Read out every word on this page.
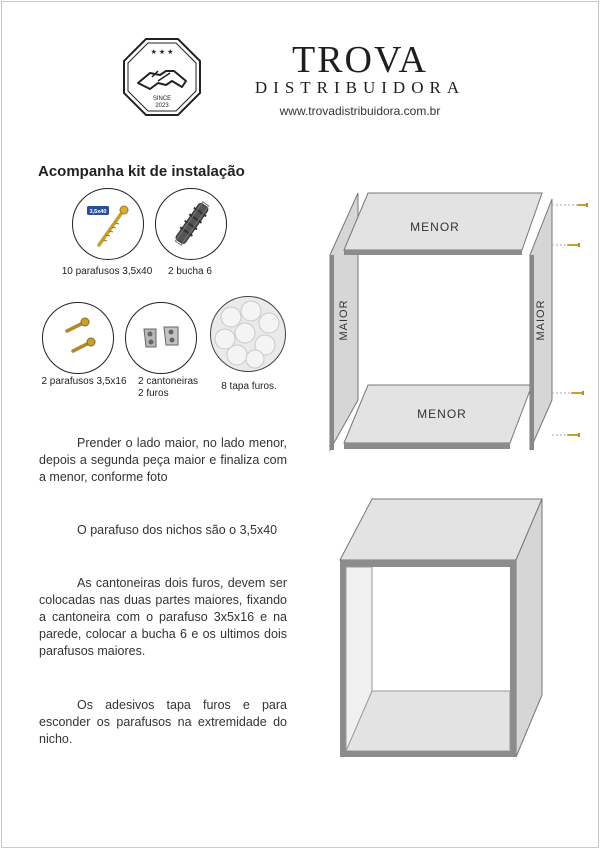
★ ★ ★
SINCE
2023
TROVA
DISTRIBUIDORA
www.trovadistribuidora.com.br
Acompanha kit de instalação
3,5x40
10 parafusos 3,5x40	2 bucha 6
2 parafusos 3,5x16	2 cantoneiras
2 furos
8 tapa furos.
Prender o lado maior, no lado menor, depois a segunda peça maior e finaliza com a menor, conforme foto
O parafuso dos nichos são o 3,5x40
As cantoneiras dois furos, devem ser colocadas nas duas partes maiores, fixando a cantoneira com o parafuso 3x5x16 e na parede, colocar a bucha 6 e os ultimos dois parafusos maiores.
Os adesivos tapa furos e para esconder os parafusos na extremidade do nicho.
MAIOR
MENOR
MENOR
MAIOR
